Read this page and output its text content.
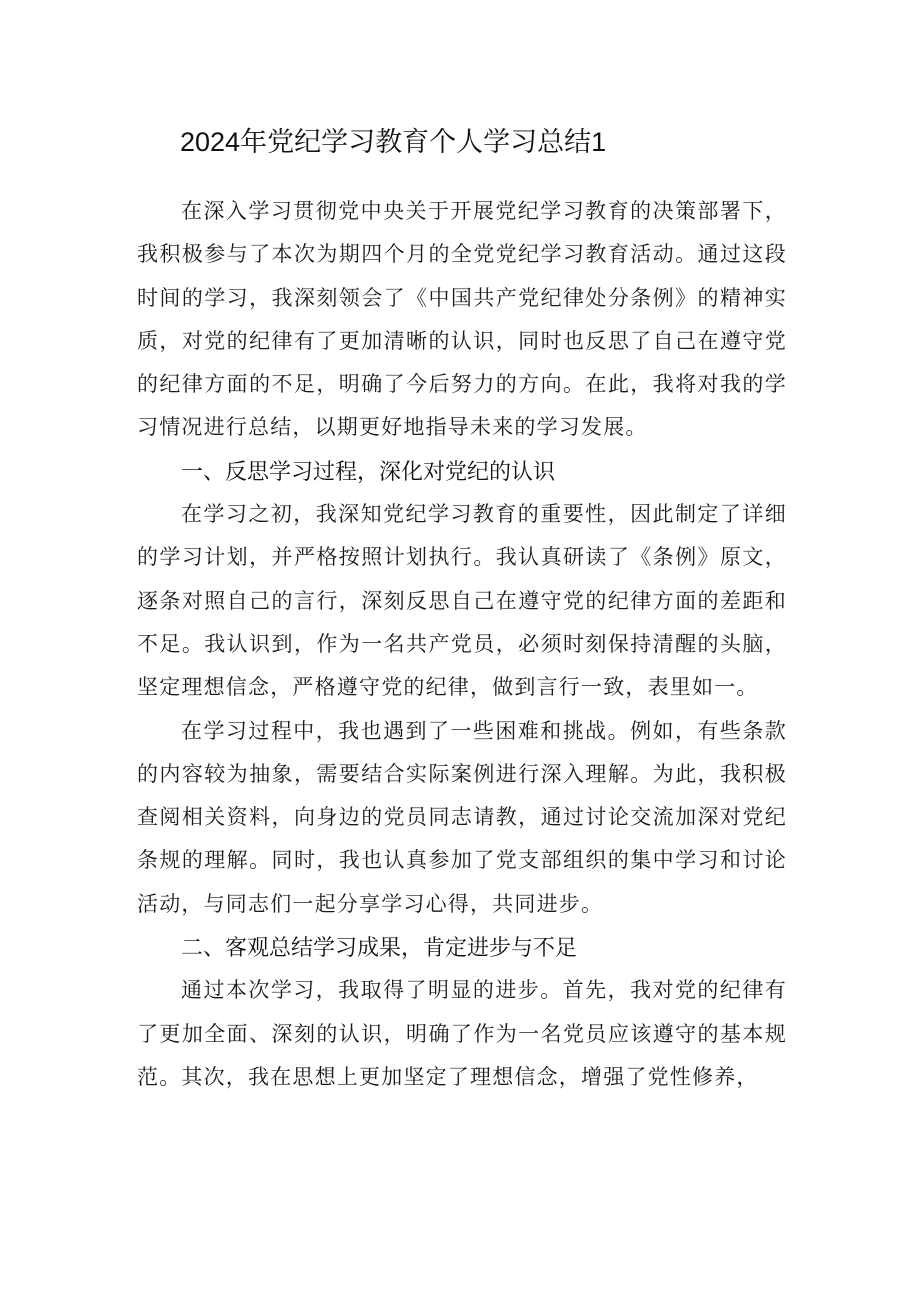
2024年党纪学习教育个人学习总结1

在深入学习贯彻党中央关于开展党纪学习教育的决策部署下，我积极参与了本次为期四个月的全党党纪学习教育活动。通过这段时间的学习，我深刻领会了《中国共产党纪律处分条例》的精神实质，对党的纪律有了更加清晰的认识，同时也反思了自己在遵守党的纪律方面的不足，明确了今后努力的方向。在此，我将对我的学习情况进行总结，以期更好地指导未来的学习发展。

一、反思学习过程，深化对党纪的认识

在学习之初，我深知党纪学习教育的重要性，因此制定了详细的学习计划，并严格按照计划执行。我认真研读了《条例》原文，逐条对照自己的言行，深刻反思自己在遵守党的纪律方面的差距和不足。我认识到，作为一名共产党员，必须时刻保持清醒的头脑，坚定理想信念，严格遵守党的纪律，做到言行一致，表里如一。

在学习过程中，我也遇到了一些困难和挑战。例如，有些条款的内容较为抽象，需要结合实际案例进行深入理解。为此，我积极查阅相关资料，向身边的党员同志请教，通过讨论交流加深对党纪条规的理解。同时，我也认真参加了党支部组织的集中学习和讨论活动，与同志们一起分享学习心得，共同进步。

二、客观总结学习成果，肯定进步与不足

通过本次学习，我取得了明显的进步。首先，我对党的纪律有了更加全面、深刻的认识，明确了作为一名党员应该遵守的基本规范。其次，我在思想上更加坚定了理想信念，增强了党性修养，
